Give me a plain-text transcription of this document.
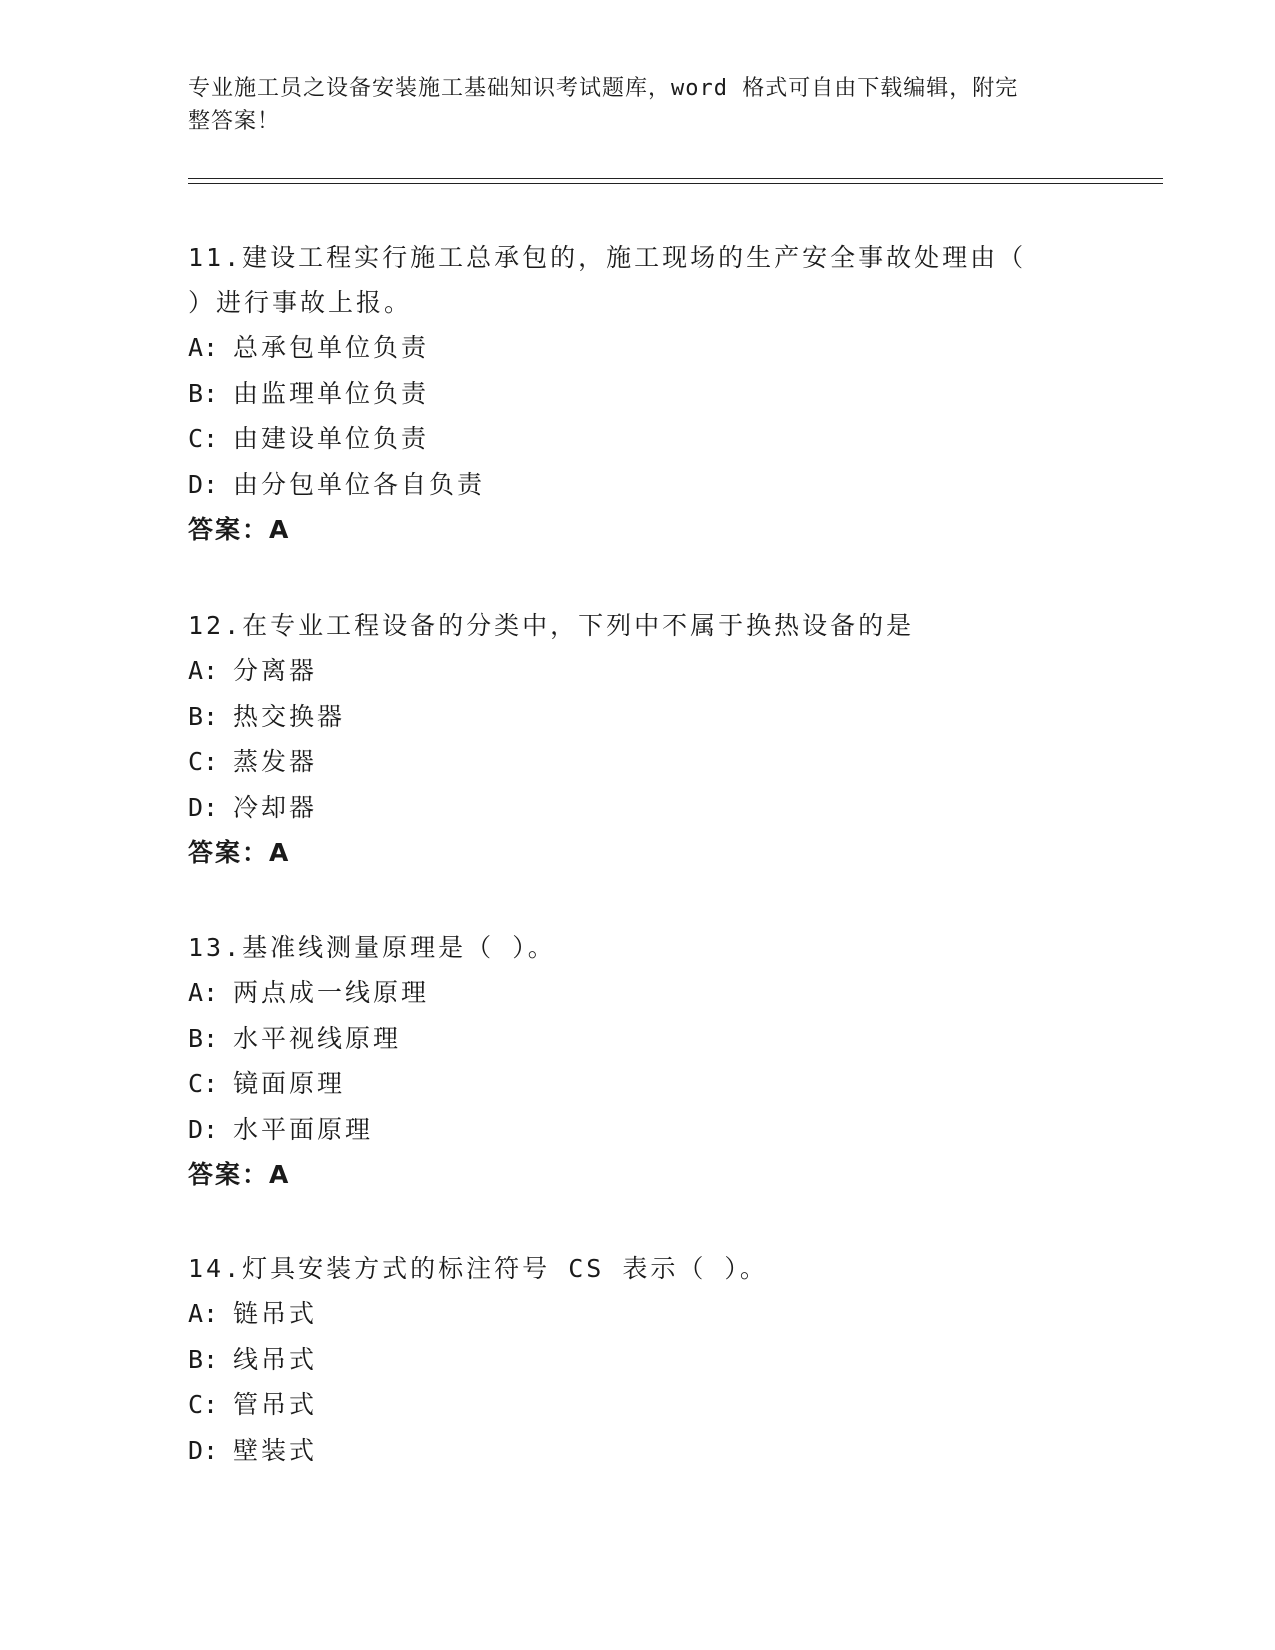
专业施工员之设备安装施工基础知识考试题库，word 格式可自由下载编辑，附完
整答案！

11.建设工程实行施工总承包的，施工现场的生产安全事故处理由（

）进行事故上报。

A: 总承包单位负责

B: 由监理单位负责

C: 由建设单位负责

D: 由分包单位各自负责

答案：A

12.在专业工程设备的分类中，下列中不属于换热设备的是

A: 分离器

B: 热交换器

C: 蒸发器

D: 冷却器

答案：A

13.基准线测量原理是（ ）。

A: 两点成一线原理

B: 水平视线原理

C: 镜面原理

D: 水平面原理

答案：A

14.灯具安装方式的标注符号 CS 表示（ ）。

A: 链吊式

B: 线吊式

C: 管吊式

D: 壁装式
